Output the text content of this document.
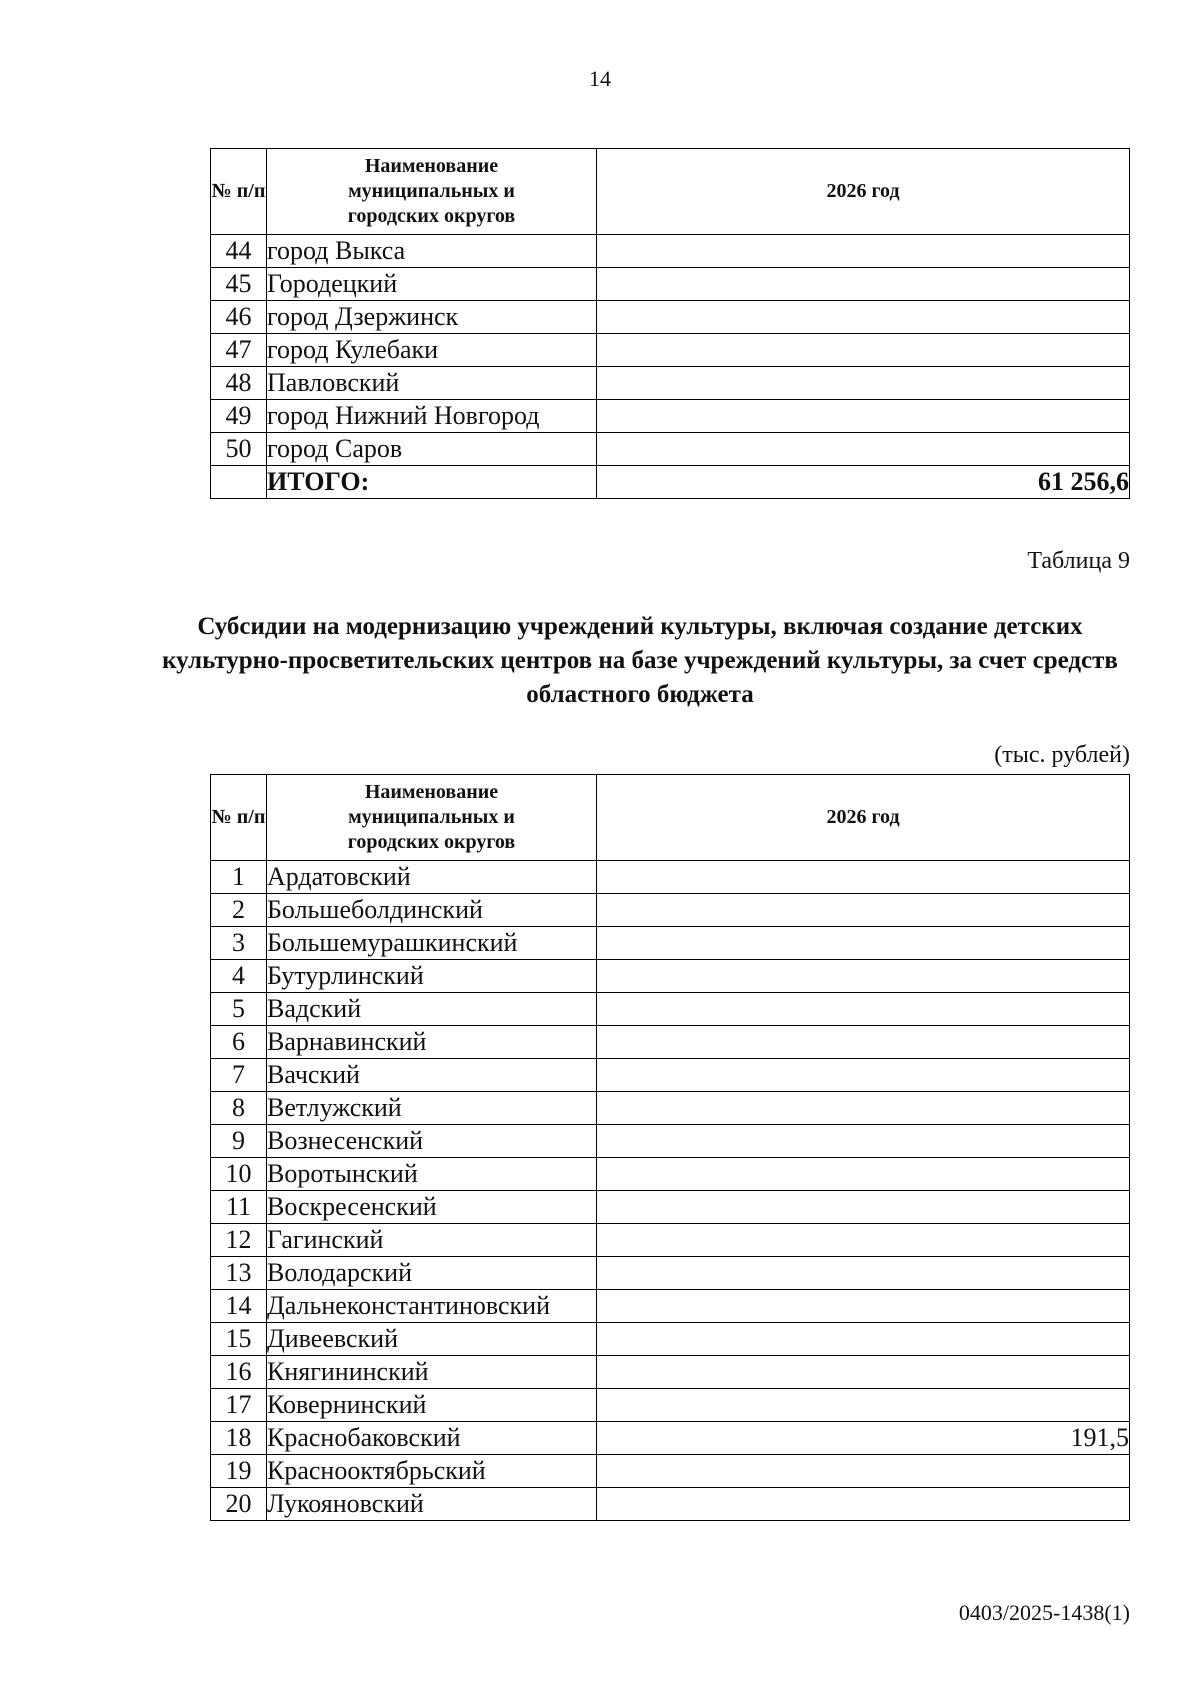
14
№ п/п	Наименование муниципальных и городских округов	2026 год
44	город Выкса	
45	Городецкий	
46	город Дзержинск	
47	город Кулебаки	
48	Павловский	
49	город Нижний Новгород	
50	город Саров	
	ИТОГО:	61 256,6
Таблица 9
Субсидии на модернизацию учреждений культуры, включая создание детских культурно-просветительских центров на базе учреждений культуры, за счет средств областного бюджета
(тыс. рублей)
№ п/п	Наименование муниципальных и городских округов	2026 год
1	Ардатовский	
2	Большеболдинский	
3	Большемурашкинский	
4	Бутурлинский	
5	Вадский	
6	Варнавинский	
7	Вачский	
8	Ветлужский	
9	Вознесенский	
10	Воротынский	
11	Воскресенский	
12	Гагинский	
13	Володарский	
14	Дальнеконстантиновский	
15	Дивеевский	
16	Княгининский	
17	Ковернинский	
18	Краснобаковский	191,5
19	Краснооктябрьский	
20	Лукояновский	
0403/2025-1438(1)
